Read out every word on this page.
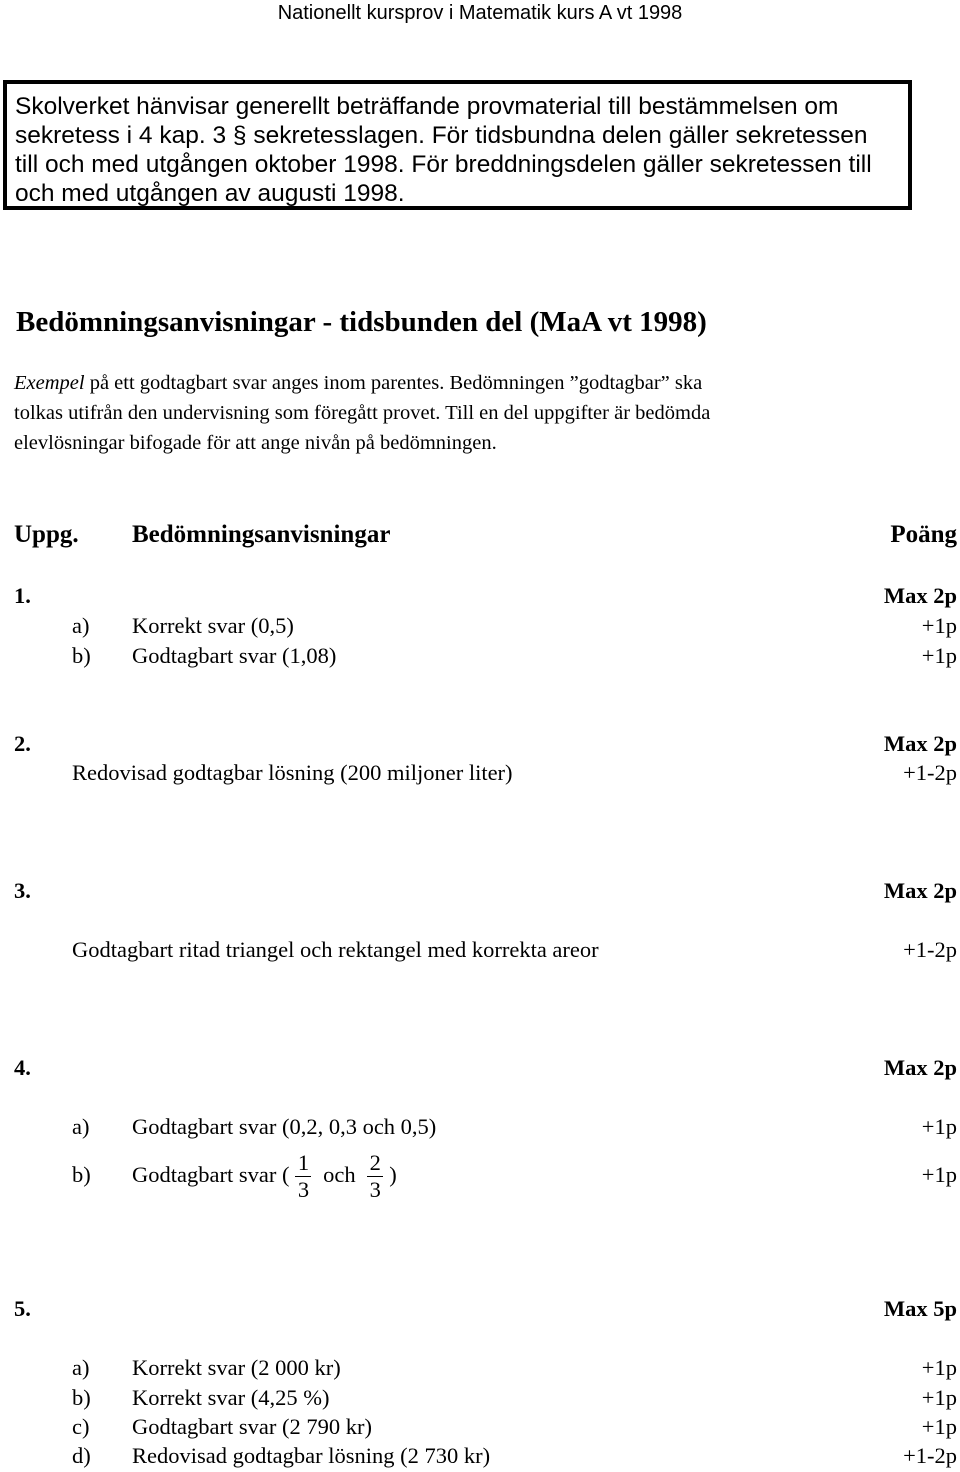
Nationellt kursprov i Matematik kurs A vt 1998
Skolverket hänvisar generellt beträffande provmaterial till bestämmelsen om
sekretess i 4 kap. 3 § sekretesslagen. För tidsbundna delen gäller sekretessen
till och med utgången oktober 1998. För breddningsdelen gäller sekretessen till
och med utgången av augusti 1998.
Bedömningsanvisningar - tidsbunden del (MaA vt 1998)
Exempel på ett godtagbart svar anges inom parentes. Bedömningen ”godtagbar” ska
tolkas utifrån den undervisning som föregått provet. Till en del uppgifter är bedömda
elevlösningar bifogade för att ange nivån på bedömningen.
Uppg. Bedömningsanvisningar	Poäng
1.	Max 2p
a) Korrekt svar (0,5)	+1p
b) Godtagbart svar (1,08)	+1p
2.	Max 2p
Redovisad godtagbar lösning (200 miljoner liter)	+1-2p
3.	Max 2p
Godtagbart ritad triangel och rektangel med korrekta areor	+1-2p
4.	Max 2p
a) Godtagbart svar (0,2, 0,3 och 0,5)	+1p
b) Godtagbart svar ( $\frac{1}{3}$ och $\frac{2}{3}$ )	+1p
5.	Max 5p
a) Korrekt svar (2 000 kr)	+1p
b) Korrekt svar (4,25 %)	+1p
c) Godtagbart svar (2 790 kr)	+1p
d) Redovisad godtagbar lösning (2 730 kr)	+1-2p
